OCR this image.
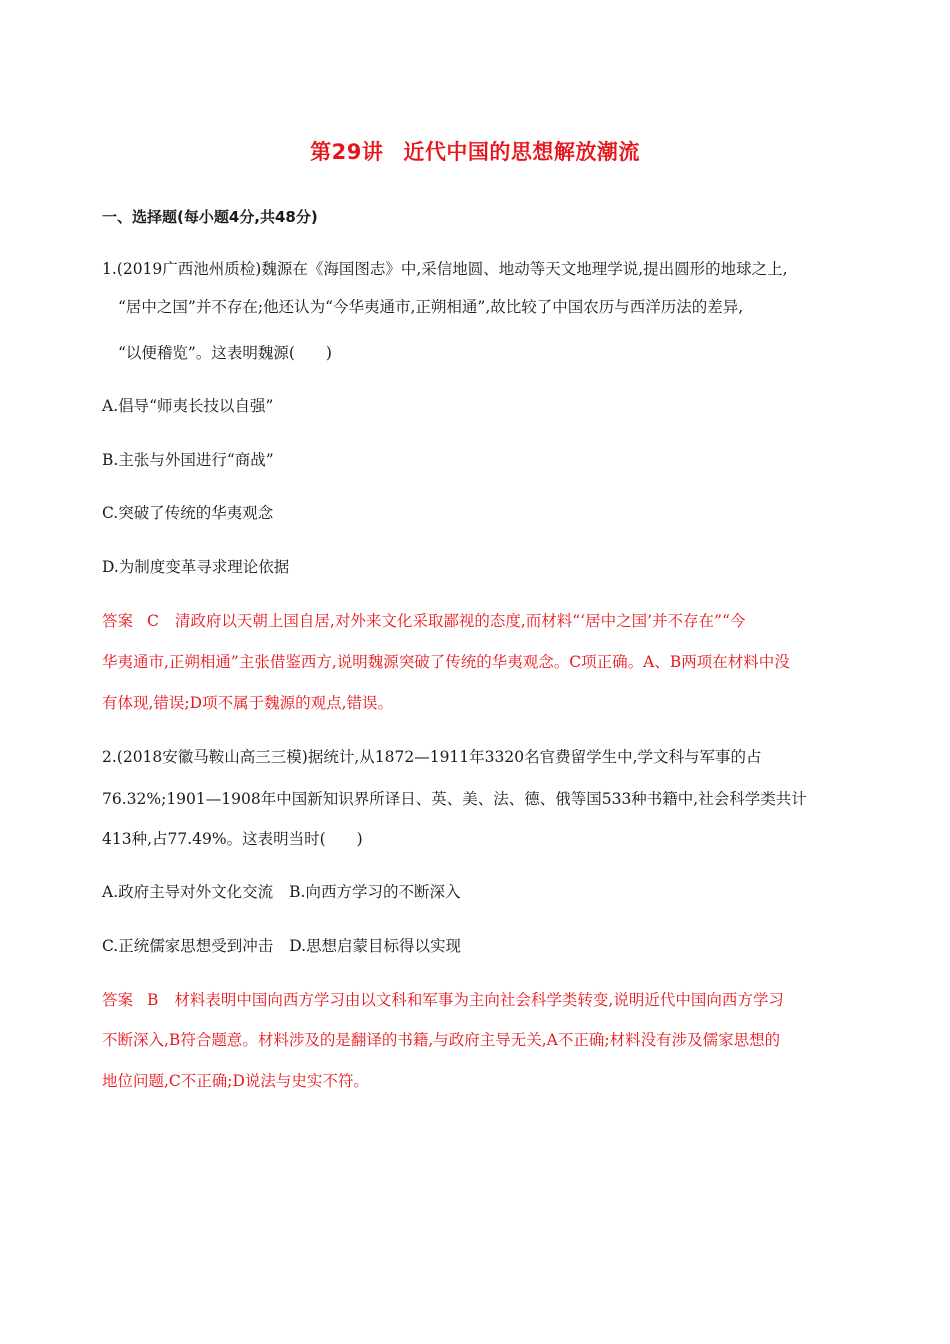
第29讲 近代中国的思想解放潮流
一、选择题(每小题4分,共48分)
1.(2019广西池州质检)魏源在《海国图志》中,采信地圆、地动等天文地理学说,提出圆形的地球之上,
“居中之国”并不存在;他还认为“今华夷通市,正朔相通”,故比较了中国农历与西洋历法的差异,
“以便稽览”。这表明魏源(　　)
A.倡导“师夷长技以自强”
B.主张与外国进行“商战”
C.突破了传统的华夷观念
D.为制度变革寻求理论依据
答案 C 清政府以天朝上国自居,对外来文化采取鄙视的态度,而材料“‘居中之国’并不存在”“今
华夷通市,正朔相通”主张借鉴西方,说明魏源突破了传统的华夷观念。C项正确。A、B两项在材料中没
有体现,错误;D项不属于魏源的观点,错误。
2.(2018安徽马鞍山高三三模)据统计,从1872—1911年3320名官费留学生中,学文科与军事的占
76.32%;1901—1908年中国新知识界所译日、英、美、法、德、俄等国533种书籍中,社会科学类共计
413种,占77.49%。这表明当时(　　)
A.政府主导对外文化交流 B.向西方学习的不断深入
C.正统儒家思想受到冲击 D.思想启蒙目标得以实现
答案 B 材料表明中国向西方学习由以文科和军事为主向社会科学类转变,说明近代中国向西方学习
不断深入,B符合题意。材料涉及的是翻译的书籍,与政府主导无关,A不正确;材料没有涉及儒家思想的
地位问题,C不正确;D说法与史实不符。
